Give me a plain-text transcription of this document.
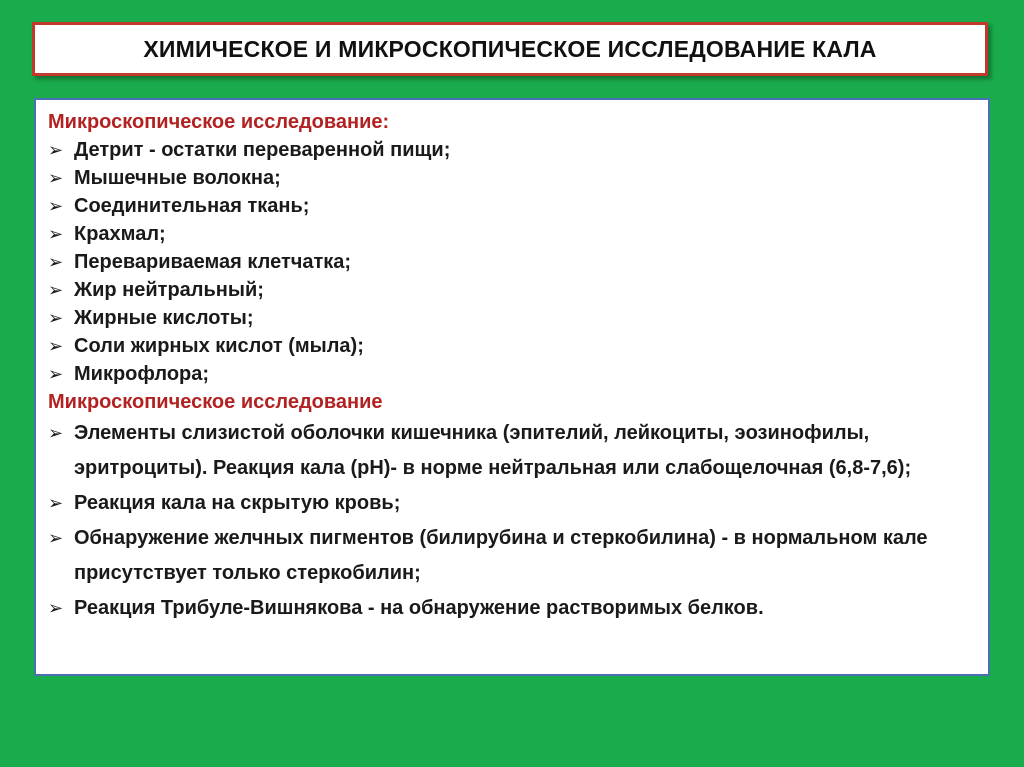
ХИМИЧЕСКОЕ И МИКРОСКОПИЧЕСКОЕ ИССЛЕДОВАНИЕ КАЛА
Микроскопическое исследование:
➢ Детрит - остатки переваренной пищи;
➢ Мышечные волокна;
➢ Соединительная ткань;
➢ Крахмал;
➢ Перевариваемая клетчатка;
➢ Жир нейтральный;
➢ Жирные кислоты;
➢ Соли жирных кислот (мыла);
➢ Микрофлора;
Микроскопическое исследование
➢ Элементы слизистой оболочки кишечника (эпителий, лейкоциты, эозинофилы, эритроциты). Реакция кала (рН)- в норме нейтральная или слабощелочная (6,8-7,6);
➢ Реакция кала на скрытую кровь;
➢ Обнаружение желчных пигментов (билирубина и стеркобилина) - в нормальном кале присутствует только стеркобилин;
➢ Реакция Трибуле-Вишнякова - на обнаружение растворимых белков.
